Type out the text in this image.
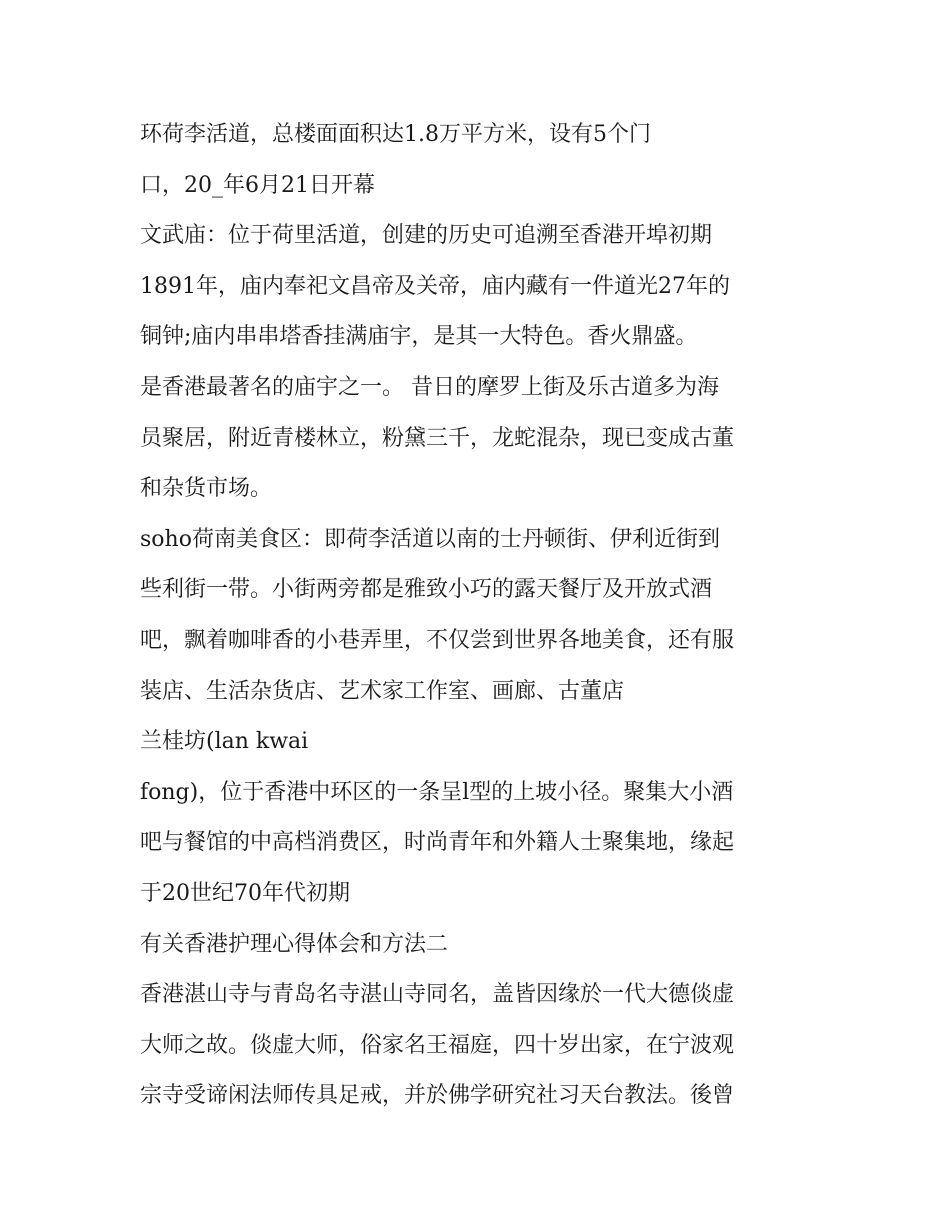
环荷李活道，总楼面面积达1.8万平方米，设有5个门
口，20_年6月21日开幕
文武庙：位于荷里活道，创建的历史可追溯至香港开埠初期
1891年，庙内奉祀文昌帝及关帝，庙内藏有一件道光27年的
铜钟;庙内串串塔香挂满庙宇，是其一大特色。香火鼎盛。
是香港最著名的庙宇之一。 昔日的摩罗上街及乐古道多为海
员聚居，附近青楼林立，粉黛三千，龙蛇混杂，现已变成古董
和杂货市场。
soho荷南美食区：即荷李活道以南的士丹顿街、伊利近街到
些利街一带。小街两旁都是雅致小巧的露天餐厅及开放式酒
吧，飘着咖啡香的小巷弄里，不仅尝到世界各地美食，还有服
装店、生活杂货店、艺术家工作室、画廊、古董店
兰桂坊(lan kwai
fong)，位于香港中环区的一条呈l型的上坡小径。聚集大小酒
吧与餐馆的中高档消费区，时尚青年和外籍人士聚集地，缘起
于20世纪70年代初期
有关香港护理心得体会和方法二
香港湛山寺与青岛名寺湛山寺同名，盖皆因缘於一代大德倓虚
大师之故。倓虚大师，俗家名王福庭，四十岁出家，在宁波观
宗寺受谛闲法师传具足戒，并於佛学研究社习天台教法。後曾
